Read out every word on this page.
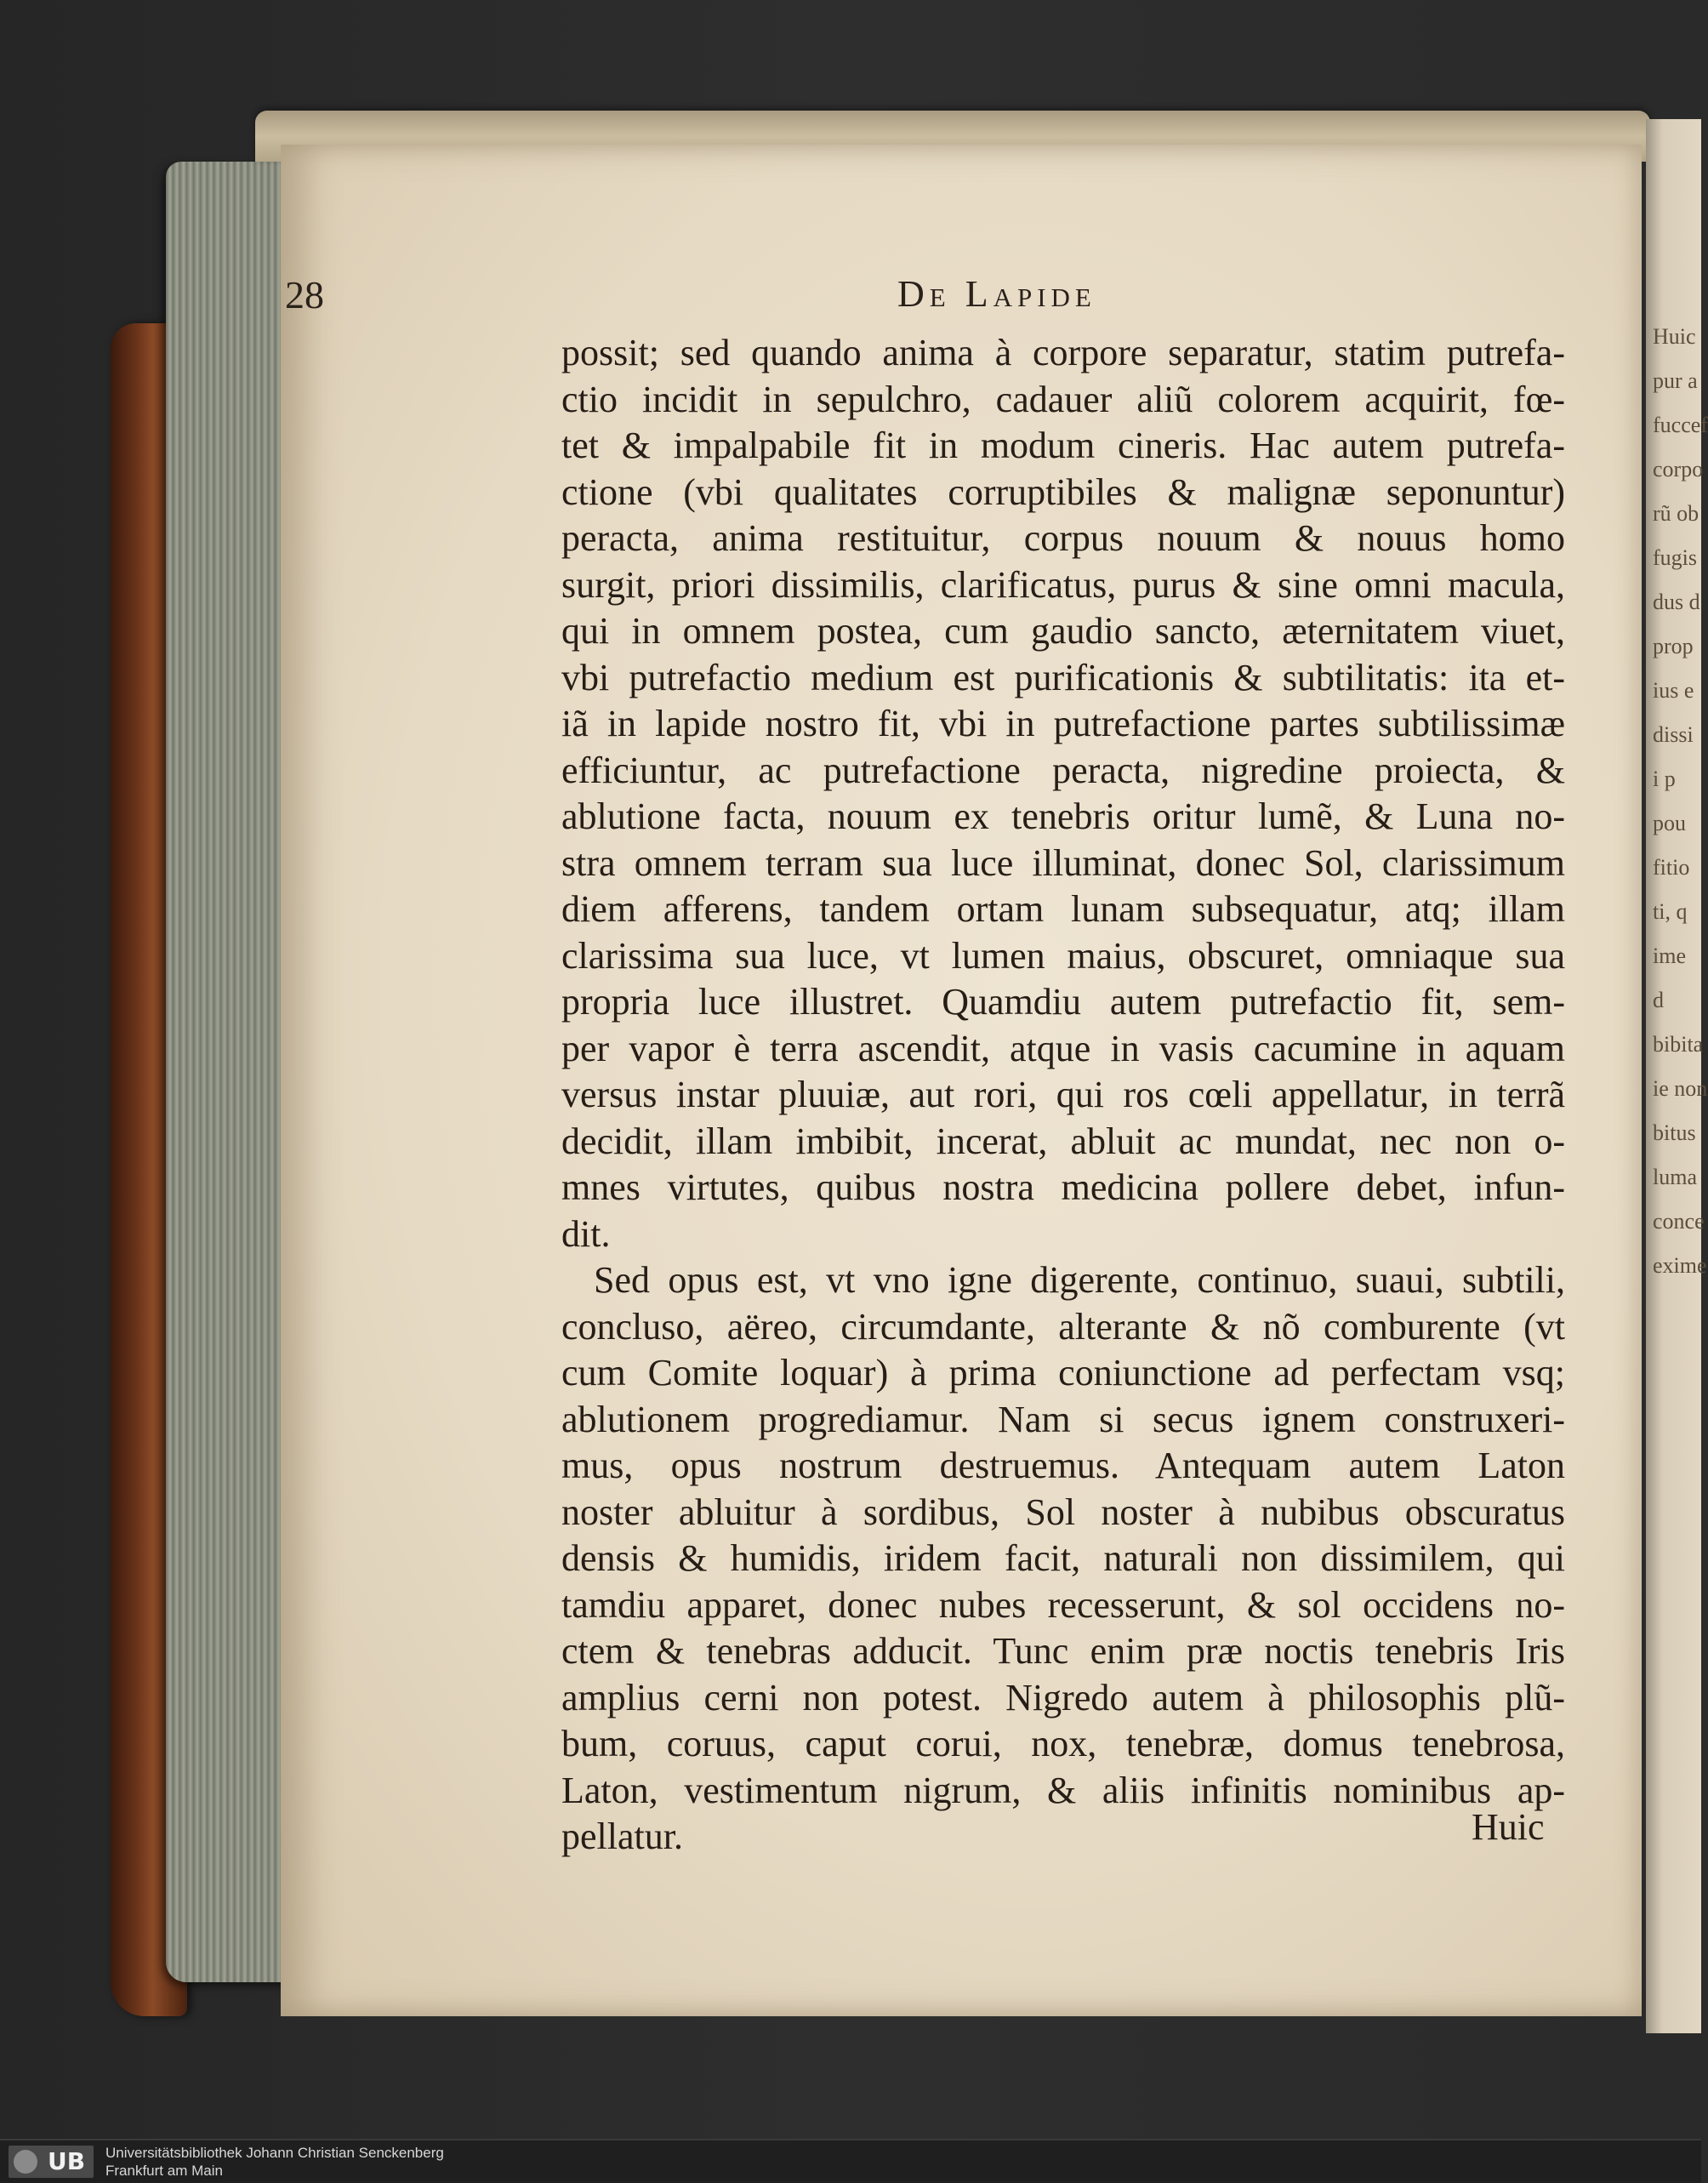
Huic
pur a
fuccef
corpo
rũ ob
fugis
dus d
prop
ius e
dissi
i p
pou
fitio
ti, q
ime
d
bibita
ie non
bitus
luma
conce
exime
28	De Lapide
possit; sed quando anima à corpore separatur, statim putrefa-
ctio incidit in sepulchro, cadauer aliũ colorem acquirit, fœ-
tet & impalpabile fit in modum cineris. Hac autem putrefa-
ctione (vbi qualitates corruptibiles & malignæ seponuntur)
peracta, anima restituitur, corpus nouum & nouus homo
surgit, priori dissimilis, clarificatus, purus & sine omni macula,
qui in omnem postea, cum gaudio sancto, æternitatem viuet,
vbi putrefactio medium est purificationis & subtilitatis: ita et-
iã in lapide nostro fit, vbi in putrefactione partes subtilissimæ
efficiuntur, ac putrefactione peracta, nigredine proiecta, &
ablutione facta, nouum ex tenebris oritur lumẽ, & Luna no-
stra omnem terram sua luce illuminat, donec Sol, clarissimum
diem afferens, tandem ortam lunam subsequatur, atq; illam
clarissima sua luce, vt lumen maius, obscuret, omniaque sua
propria luce illustret. Quamdiu autem putrefactio fit, sem-
per vapor è terra ascendit, atque in vasis cacumine in aquam
versus instar pluuiæ, aut rori, qui ros cœli appellatur, in terrã
decidit, illam imbibit, incerat, abluit ac mundat, nec non o-
mnes virtutes, quibus nostra medicina pollere debet, infun-
dit.
Sed opus est, vt vno igne digerente, continuo, suaui, subtili,
concluso, aëreo, circumdante, alterante & nõ comburente (vt
cum Comite loquar) à prima coniunctione ad perfectam vsq;
ablutionem progrediamur. Nam si secus ignem construxeri-
mus, opus nostrum destruemus. Antequam autem Laton
noster abluitur à sordibus, Sol noster à nubibus obscuratus
densis & humidis, iridem facit, naturali non dissimilem, qui
tamdiu apparet, donec nubes recesserunt, & sol occidens no-
ctem & tenebras adducit. Tunc enim præ noctis tenebris Iris
amplius cerni non potest. Nigredo autem à philosophis plũ-
bum, coruus, caput corui, nox, tenebræ, domus tenebrosa,
Laton, vestimentum nigrum, & aliis infinitis nominibus ap-
pellatur.	Huic
UB Universitätsbibliothek Johann Christian Senckenberg
Frankfurt am Main
